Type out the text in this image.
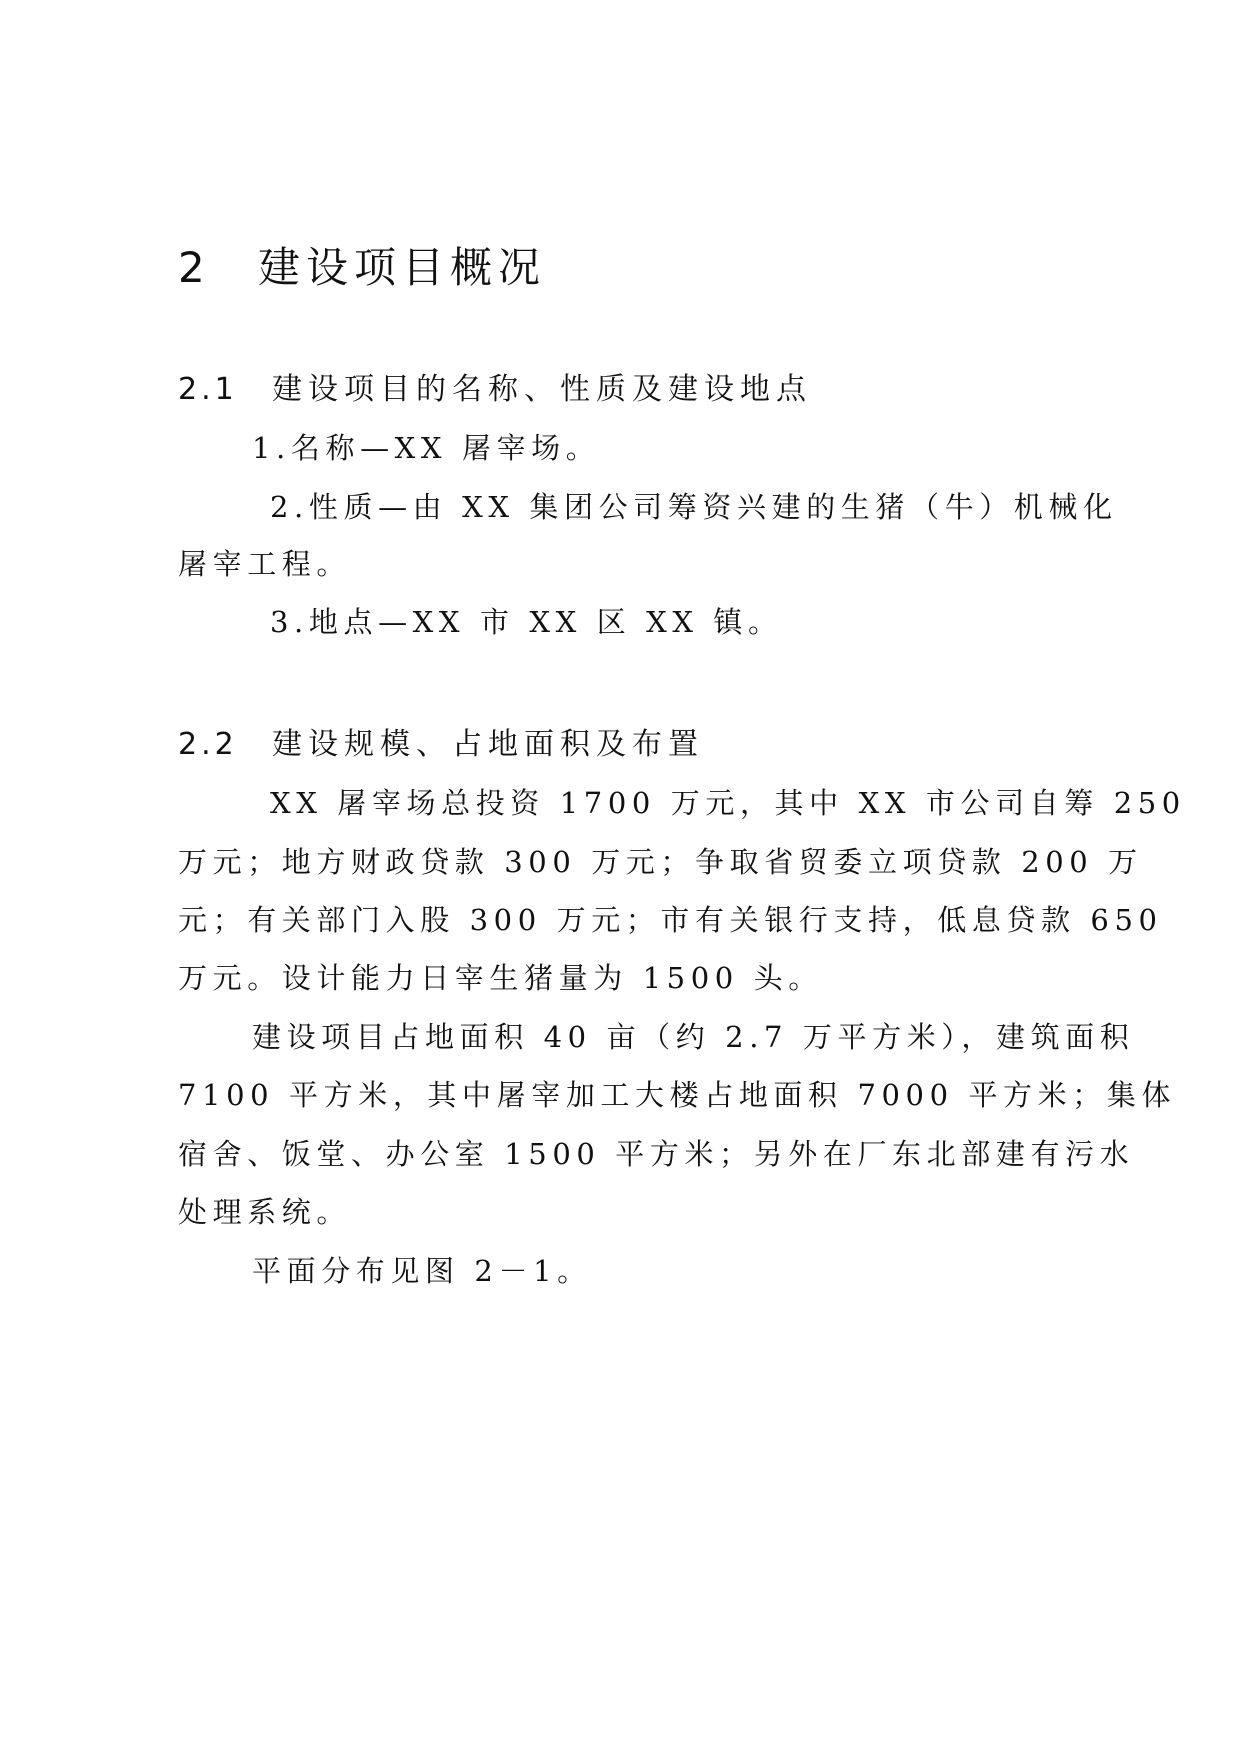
2 建设项目概况
2.1 建设项目的名称、性质及建设地点
1.名称—XX 屠宰场。
2.性质—由 XX 集团公司筹资兴建的生猪（牛）机械化
屠宰工程。
3.地点—XX 市 XX 区 XX 镇。
2.2 建设规模、占地面积及布置
XX 屠宰场总投资 1700 万元，其中 XX 市公司自筹 250
万元；地方财政贷款 300 万元；争取省贸委立项贷款 200 万
元；有关部门入股 300 万元；市有关银行支持，低息贷款 650
万元。设计能力日宰生猪量为 1500 头。
建设项目占地面积 40 亩（约 2.7 万平方米），建筑面积
7100 平方米，其中屠宰加工大楼占地面积 7000 平方米；集体
宿舍、饭堂、办公室 1500 平方米；另外在厂东北部建有污水
处理系统。
平面分布见图 2－1。
